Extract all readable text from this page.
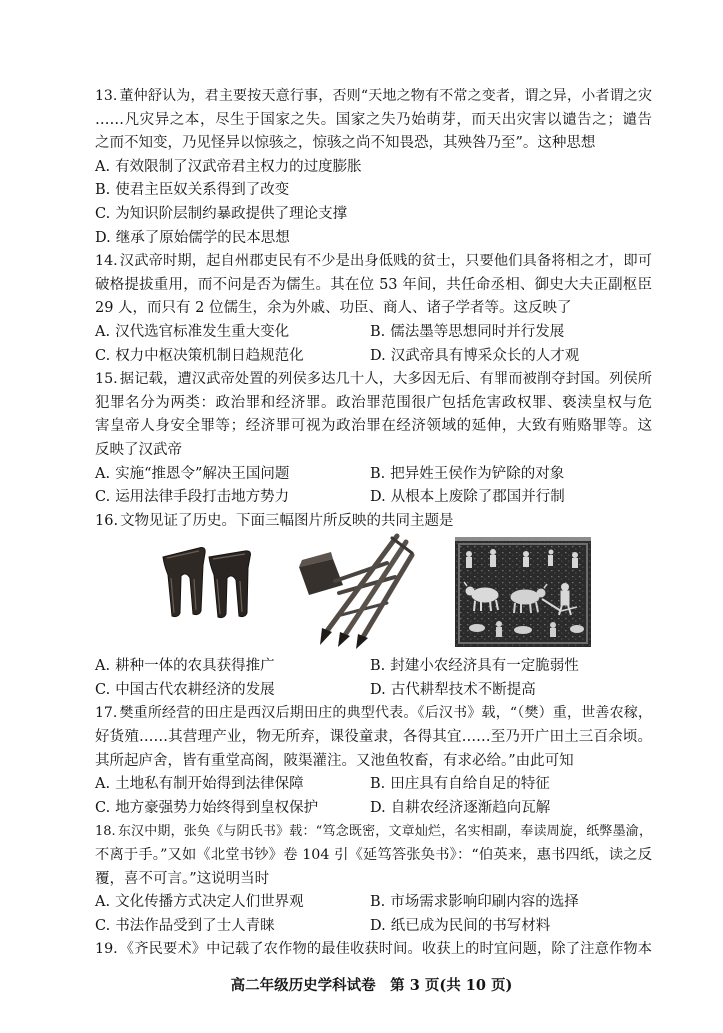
13. 董仲舒认为，君主要按天意行事，否则“天地之物有不常之变者，谓之异，小者谓之灾
……凡灾异之本，尽生于国家之失。国家之失乃始萌芽，而天出灾害以谴告之；谴告
之而不知变，乃见怪异以惊骇之，惊骇之尚不知畏恐，其殃咎乃至”。这种思想
A. 有效限制了汉武帝君主权力的过度膨胀
B. 使君主臣奴关系得到了改变
C. 为知识阶层制约暴政提供了理论支撑
D. 继承了原始儒学的民本思想
14. 汉武帝时期，起自州郡吏民有不少是出身低贱的贫士，只要他们具备将相之才，即可
破格提拔重用，而不问是否为儒生。其在位 53 年间，共任命丞相、御史大夫正副枢臣
29 人，而只有 2 位儒生，余为外戚、功臣、商人、诸子学者等。这反映了
A. 汉代选官标准发生重大变化	B. 儒法墨等思想同时并行发展
C. 权力中枢决策机制日趋规范化	D. 汉武帝具有博采众长的人才观
15. 据记载，遭汉武帝处置的列侯多达几十人，大多因无后、有罪而被削夺封国。列侯所
犯罪名分为两类：政治罪和经济罪。政治罪范围很广包括危害政权罪、亵渎皇权与危
害皇帝人身安全罪等；经济罪可视为政治罪在经济领域的延伸，大致有贿赂罪等。这
反映了汉武帝
A. 实施“推恩令”解决王国问题	B. 把异姓王侯作为铲除的对象
C. 运用法律手段打击地方势力	D. 从根本上废除了郡国并行制
16. 文物见证了历史。下面三幅图片所反映的共同主题是
A. 耕种一体的农具获得推广	B. 封建小农经济具有一定脆弱性
C. 中国古代农耕经济的发展	D. 古代耕犁技术不断提高
17. 樊重所经营的田庄是西汉后期田庄的典型代表。《后汉书》载，“（樊）重，世善农稼，
好货殖……其营理产业，物无所弃，课役童隶，各得其宜……至乃开广田土三百余顷。
其所起庐舍，皆有重堂高阁，陂渠灌注。又池鱼牧畜，有求必给。”由此可知
A. 土地私有制开始得到法律保障	B. 田庄具有自给自足的特征
C. 地方豪强势力始终得到皇权保护	D. 自耕农经济逐渐趋向瓦解
18. 东汉中期，张奂《与阴氏书》载：“笃念既密，文章灿烂，名实相副，奉读周旋，纸弊墨渝，
不离于手。”又如《北堂书钞》卷 104 引《延笃答张奂书》：“伯英来，惠书四纸，读之反
覆，喜不可言。”这说明当时
A. 文化传播方式决定人们世界观	B. 市场需求影响印刷内容的选择
C. 书法作品受到了士人青睐	D. 纸已成为民间的书写材料
19. 《齐民要术》中记载了农作物的最佳收获时间。收获上的时宜问题，除了注意作物本
高二年级历史学科试卷　第 3 页(共 10 页)
